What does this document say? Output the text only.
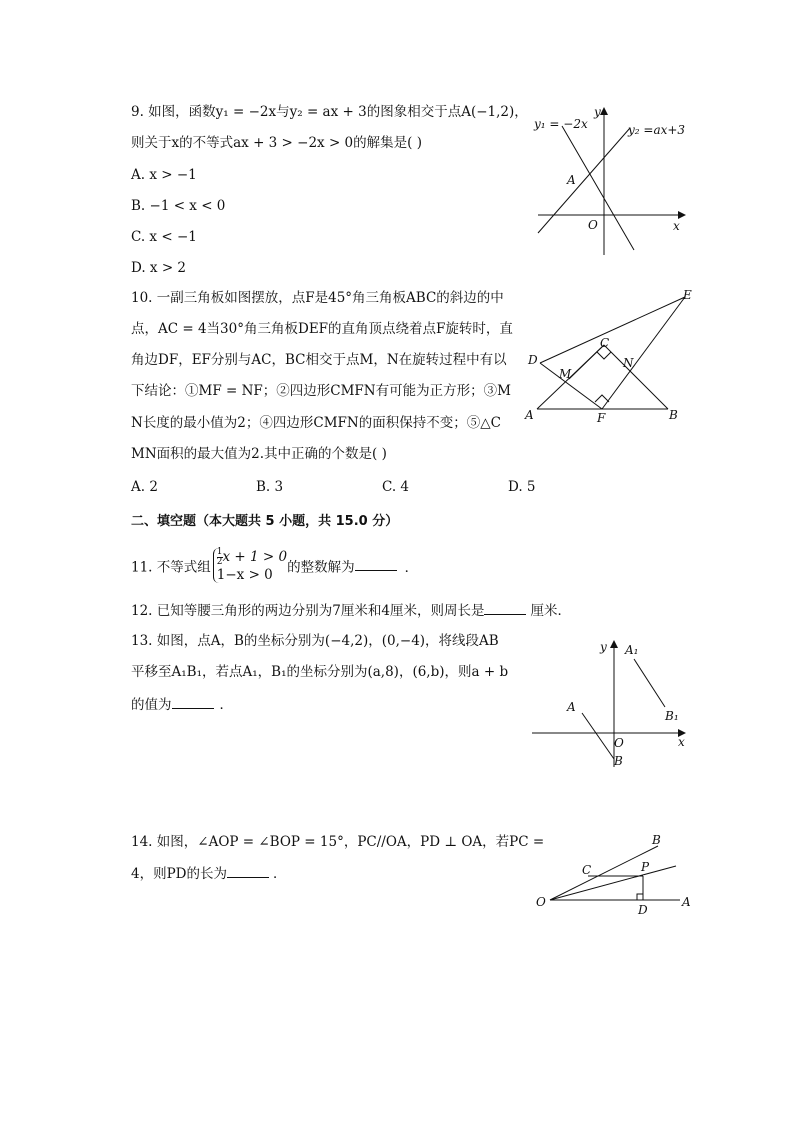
9. 如图，函数y₁ = −2x与y₂ = ax + 3的图象相交于点A(−1,2)，
则关于x的不等式ax + 3 > −2x > 0的解集是( )
A. x > −1
B. −1 < x < 0
C. x < −1
D. x > 2
y₁ = −2x	y₂ =ax+3
x
y
A
O
10. 一副三角板如图摆放，点F是45°角三角板ABC的斜边的中
点，AC = 4当30°角三角板DEF的直角顶点绕着点F旋转时，直
角边DF，EF分别与AC，BC相交于点M，N在旋转过程中有以
下结论：①MF = NF；②四边形CMFN有可能为正方形；③M
N长度的最小值为2；④四边形CMFN的面积保持不变；⑤△C
MN面积的最大值为2.其中正确的个数是( )
A. 2	B. 3	C. 4	D. 5
E
D
C
N
M
A	F	B
二、填空题（本大题共 5 小题，共 15.0 分）
11. 不等式组
$\frac{1}{2}$ x + 1 > 0
1−x > 0	的整数解为	．
12. 已知等腰三角形的两边分别为7厘米和4厘米，则周长是	厘米．
13. 如图，点A，B的坐标分别为(−4,2)，(0,−4)，将线段AB
平移至A₁B₁，若点A₁，B₁的坐标分别为(a,8)，(6,b)，则a + b
的值为	．
y
x
A
O
B
A₁
B₁
14. 如图，∠AOP = ∠BOP = 15°，PC//OA，PD ⊥ OA，若PC =
4，则PD的长为	．
B
C	P
O
D
A
